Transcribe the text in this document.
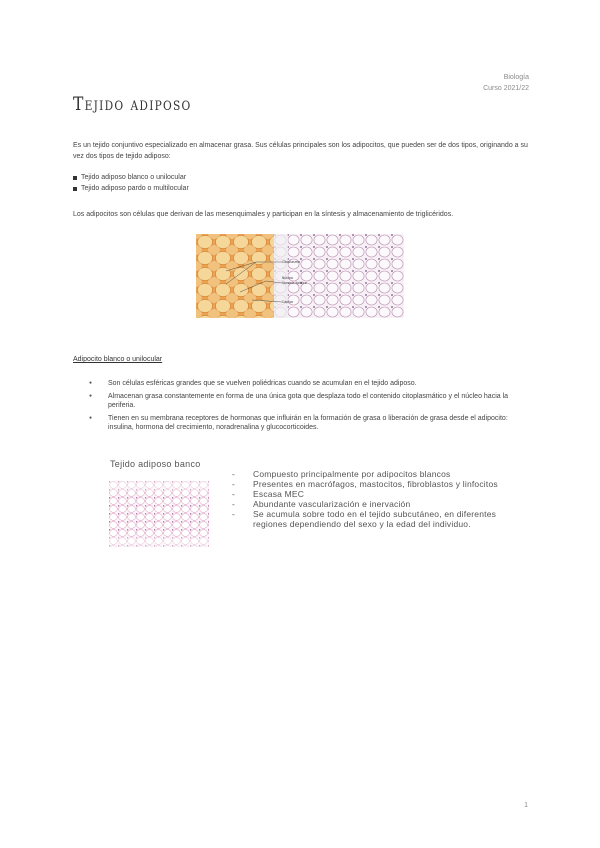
Biología
Curso 2021/22
Tejido adiposo
Es un tejido conjuntivo especializado en almacenar grasa. Sus células principales son los adipocitos, que pueden ser de dos tipos, originando a su vez dos tipos de tejido adiposo:
Tejido adiposo blanco o unilocular
Tejido adiposo pardo o multilocular
Los adipocitos son células que derivan de las mesenquimales y participan en la síntesis y almacenamiento de triglicéridos.
Citoplasma
Núcleo
Vacuola lipídica
Capilar
Adipocito blanco o unilocular
● Son células esféricas grandes que se vuelven poliédricas cuando se acumulan en el tejido adiposo.
● Almacenan grasa constantemente en forma de una única gota que desplaza todo el contenido citoplasmático y el núcleo hacia la periferia.
● Tienen en su membrana receptores de hormonas que influirán en la formación de grasa o liberación de grasa desde el adipocito: insulina, hormona del crecimiento, noradrenalina y glucocorticoides.
Tejido adiposo banco
- Compuesto principalmente por adipocitos blancos
- Presentes en macrófagos, mastocitos, fibroblastos y linfocitos
- Escasa MEC
- Abundante vascularización e inervación
- Se acumula sobre todo en el tejido subcutáneo, en diferentes regiones dependiendo del sexo y la edad del individuo.
1
